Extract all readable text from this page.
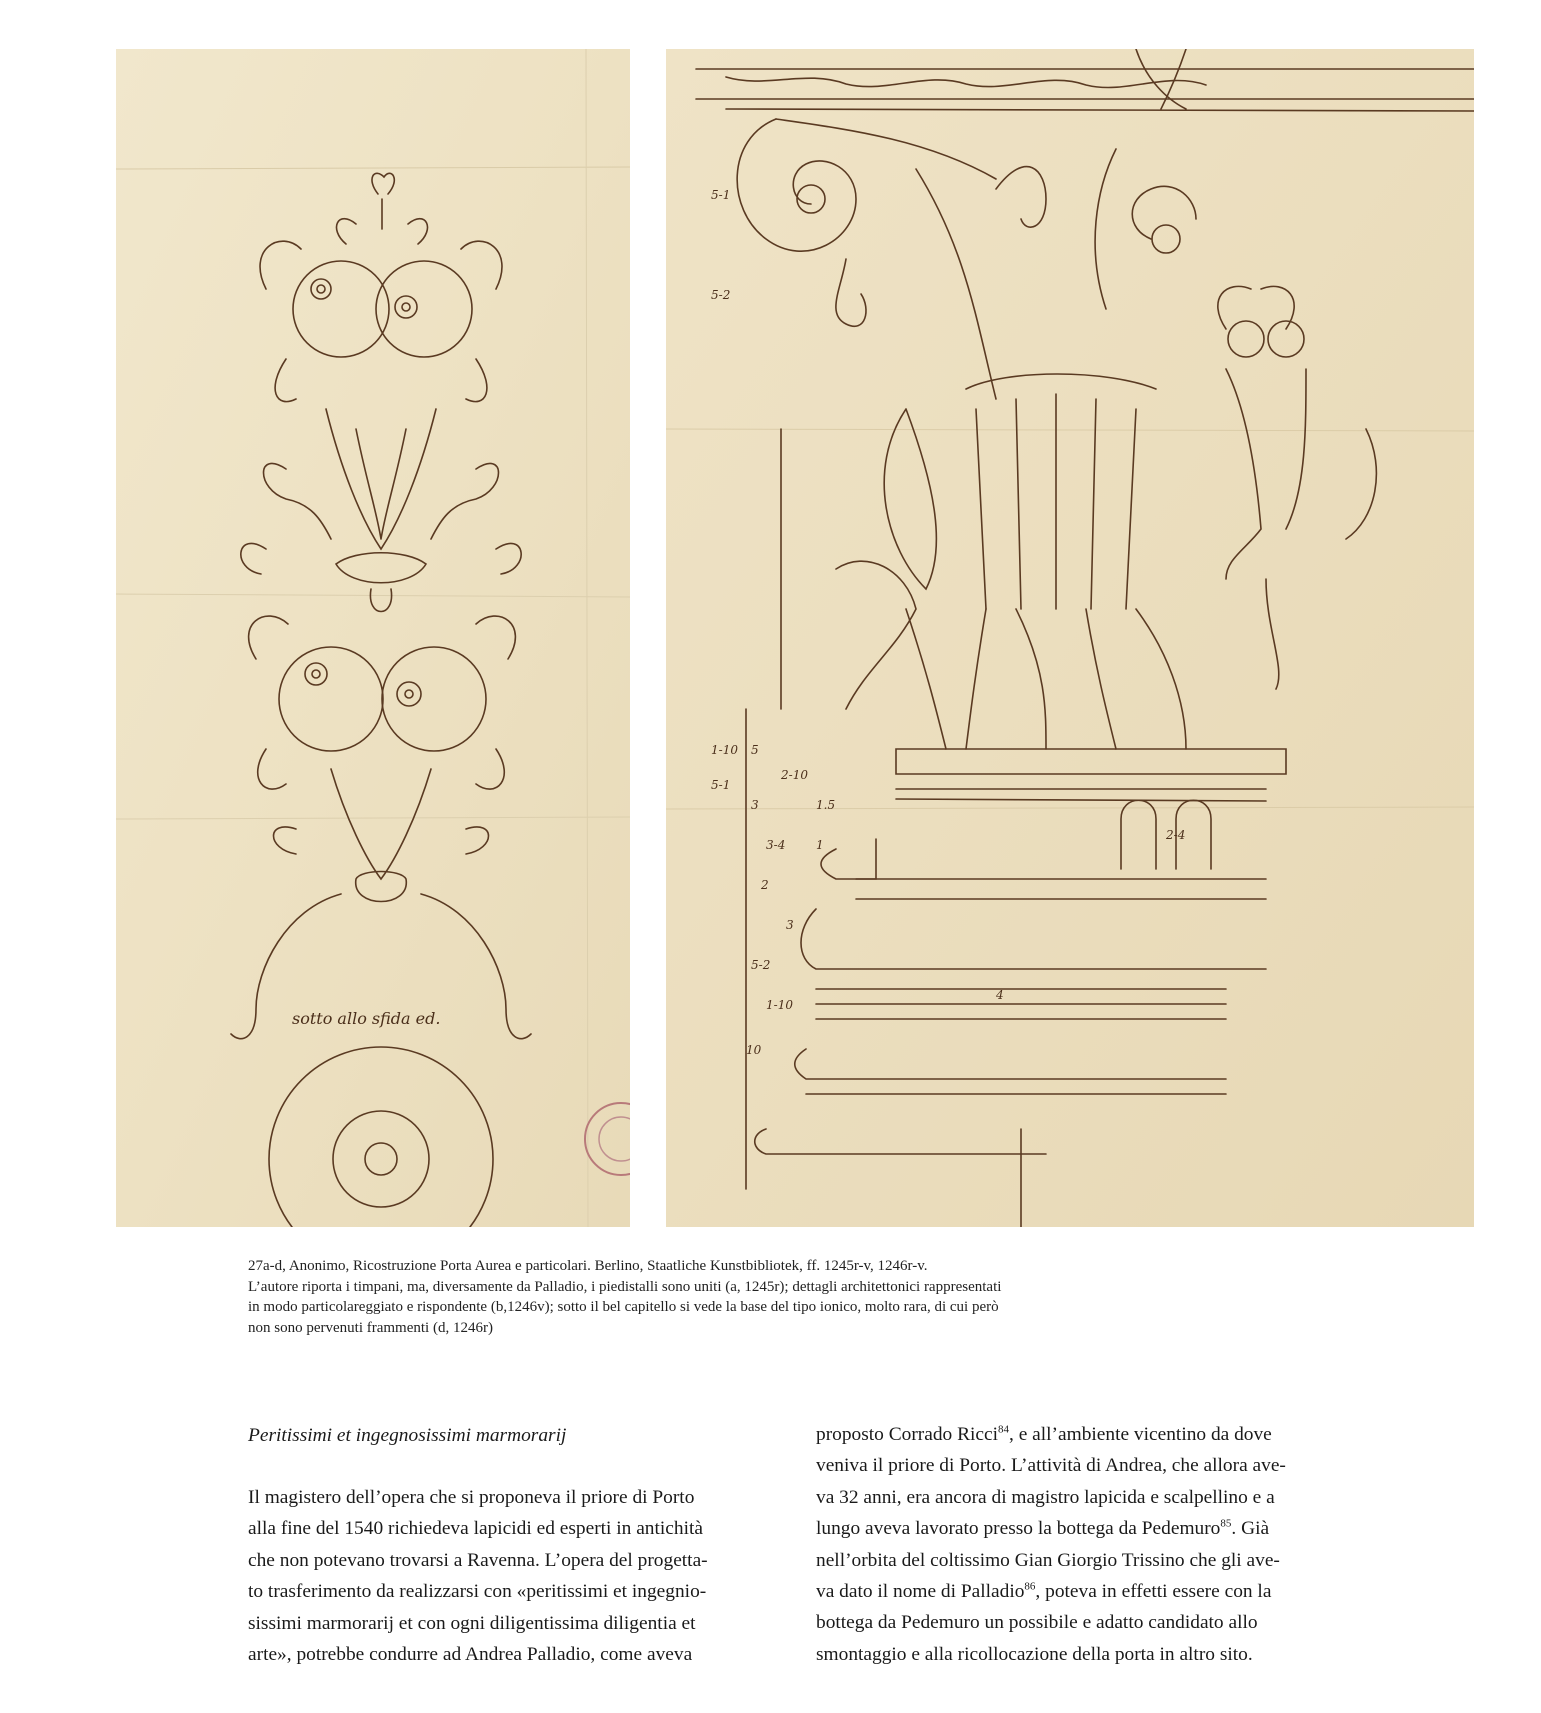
sotto allo sfida ed.
5-1
5-2
1-10 5
2-10
5-1
3	1.5
3-4	1
2
5-2
1-10
2-4
10
4
3
27a-d, Anonimo, Ricostruzione Porta Aurea e particolari. Berlino, Staatliche Kunstbibliotek, ff. 1245r-v, 1246r-v.
L’autore riporta i timpani, ma, diversamente da Palladio, i piedistalli sono uniti (a, 1245r); dettagli architettonici rappresentati
in modo particolareggiato e rispondente (b,1246v); sotto il bel capitello si vede la base del tipo ionico, molto rara, di cui però
non sono pervenuti frammenti (d, 1246r)
Peritissimi et ingegnosissimi marmorarij
Il magistero dell’opera che si proponeva il priore di Porto
alla fine del 1540 richiedeva lapicidi ed esperti in antichità
che non potevano trovarsi a Ravenna. L’opera del progetta-
to trasferimento da realizzarsi con «peritissimi et ingegnio-
sissimi marmorarij et con ogni diligentissima diligentia et
arte», potrebbe condurre ad Andrea Palladio, come aveva
proposto Corrado Ricci$^{84}$, e all’ambiente vicentino da dove
veniva il priore di Porto. L’attività di Andrea, che allora ave-
va 32 anni, era ancora di magistro lapicida e scalpellino e a
lungo aveva lavorato presso la bottega da Pedemuro$^{85}$. Già
nell’orbita del coltissimo Gian Giorgio Trissino che gli ave-
va dato il nome di Palladio$^{86}$, poteva in effetti essere con la
bottega da Pedemuro un possibile e adatto candidato allo
smontaggio e alla ricollocazione della porta in altro sito.
